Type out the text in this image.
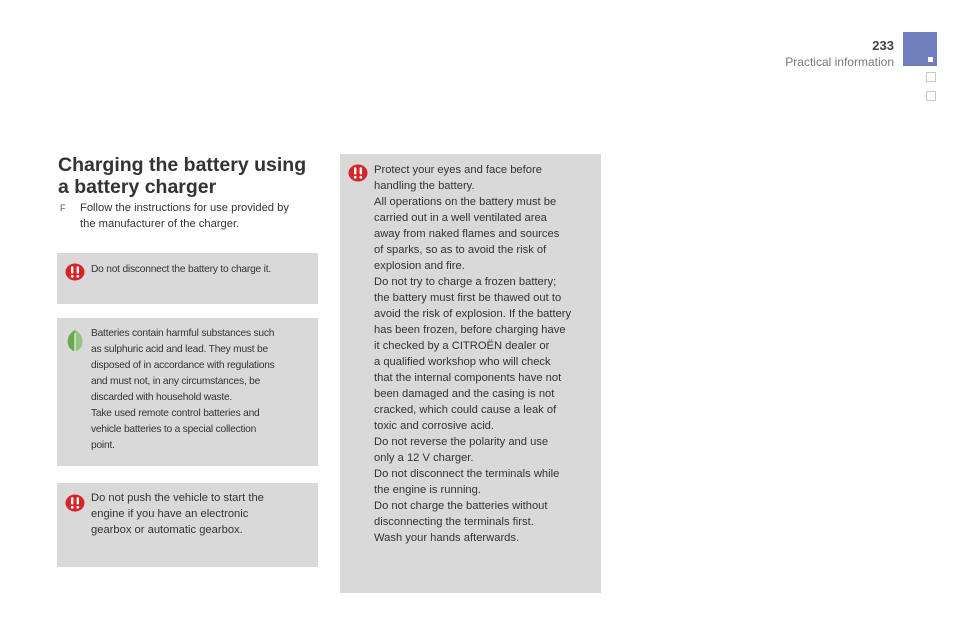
233
Practical information
Charging the battery using
a battery charger
F Follow the instructions for use provided by
the manufacturer of the charger.
Do not disconnect the battery to charge it.
Batteries contain harmful substances such
as sulphuric acid and lead. They must be
disposed of in accordance with regulations
and must not, in any circumstances, be
discarded with household waste.
Take used remote control batteries and
vehicle batteries to a special collection
point.
Do not push the vehicle to start the
engine if you have an electronic
gearbox or automatic gearbox.
Protect your eyes and face before
handling the battery.
All operations on the battery must be
carried out in a well ventilated area
away from naked flames and sources
of sparks, so as to avoid the risk of
explosion and fire.
Do not try to charge a frozen battery;
the battery must first be thawed out to
avoid the risk of explosion. If the battery
has been frozen, before charging have
it checked by a CITROËN dealer or
a qualified workshop who will check
that the internal components have not
been damaged and the casing is not
cracked, which could cause a leak of
toxic and corrosive acid.
Do not reverse the polarity and use
only a 12 V charger.
Do not disconnect the terminals while
the engine is running.
Do not charge the batteries without
disconnecting the terminals first.
Wash your hands afterwards.
